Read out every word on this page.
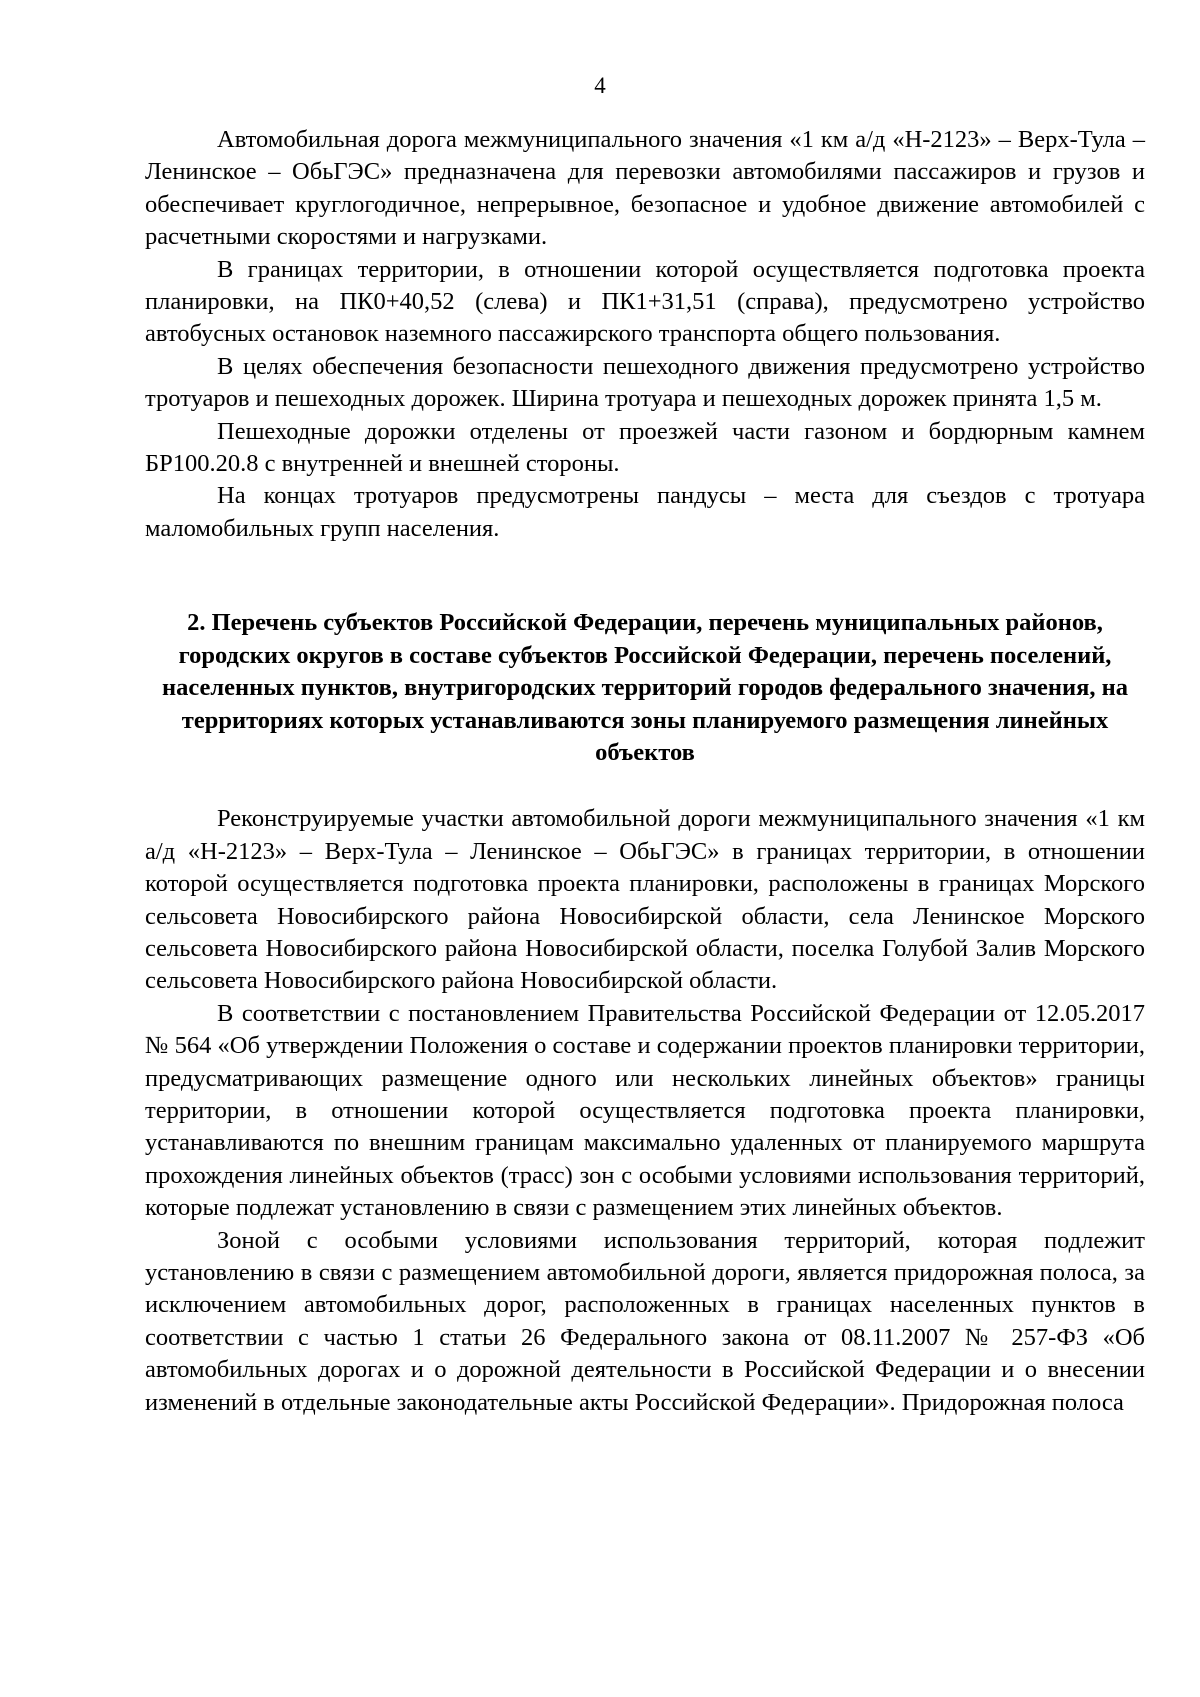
4

Автомобильная дорога межмуниципального значения «1 км а/д «Н-2123» – Верх-Тула – Ленинское – ОбьГЭС» предназначена для перевозки автомобилями пассажиров и грузов и обеспечивает круглогодичное, непрерывное, безопасное и удобное движение автомобилей с расчетными скоростями и нагрузками.

В границах территории, в отношении которой осуществляется подготовка проекта планировки, на ПК0+40,52 (слева) и ПК1+31,51 (справа), предусмотрено устройство автобусных остановок наземного пассажирского транспорта общего пользования.

В целях обеспечения безопасности пешеходного движения предусмотрено устройство тротуаров и пешеходных дорожек. Ширина тротуара и пешеходных дорожек принята 1,5 м.

Пешеходные дорожки отделены от проезжей части газоном и бордюрным камнем БР100.20.8 с внутренней и внешней стороны.

На концах тротуаров предусмотрены пандусы – места для съездов с тротуара маломобильных групп населения.

2. Перечень субъектов Российской Федерации, перечень муниципальных районов, городских округов в составе субъектов Российской Федерации, перечень поселений, населенных пунктов, внутригородских территорий городов федерального значения, на территориях которых устанавливаются зоны планируемого размещения линейных объектов

Реконструируемые участки автомобильной дороги межмуниципального значения «1 км а/д «Н-2123» – Верх-Тула – Ленинское – ОбьГЭС» в границах территории, в отношении которой осуществляется подготовка проекта планировки, расположены в границах Морского сельсовета Новосибирского района Новосибирской области, села Ленинское Морского сельсовета Новосибирского района Новосибирской области, поселка Голубой Залив Морского сельсовета Новосибирского района Новосибирской области.

В соответствии с постановлением Правительства Российской Федерации от 12.05.2017 № 564 «Об утверждении Положения о составе и содержании проектов планировки территории, предусматривающих размещение одного или нескольких линейных объектов» границы территории, в отношении которой осуществляется подготовка проекта планировки, устанавливаются по внешним границам максимально удаленных от планируемого маршрута прохождения линейных объектов (трасс) зон с особыми условиями использования территорий, которые подлежат установлению в связи с размещением этих линейных объектов.

Зоной с особыми условиями использования территорий, которая подлежит установлению в связи с размещением автомобильной дороги, является придорожная полоса, за исключением автомобильных дорог, расположенных в границах населенных пунктов в соответствии с частью 1 статьи 26 Федерального закона от 08.11.2007 № 257-ФЗ «Об автомобильных дорогах и о дорожной деятельности в Российской Федерации и о внесении изменений в отдельные законодательные акты Российской Федерации». Придорожная полоса
